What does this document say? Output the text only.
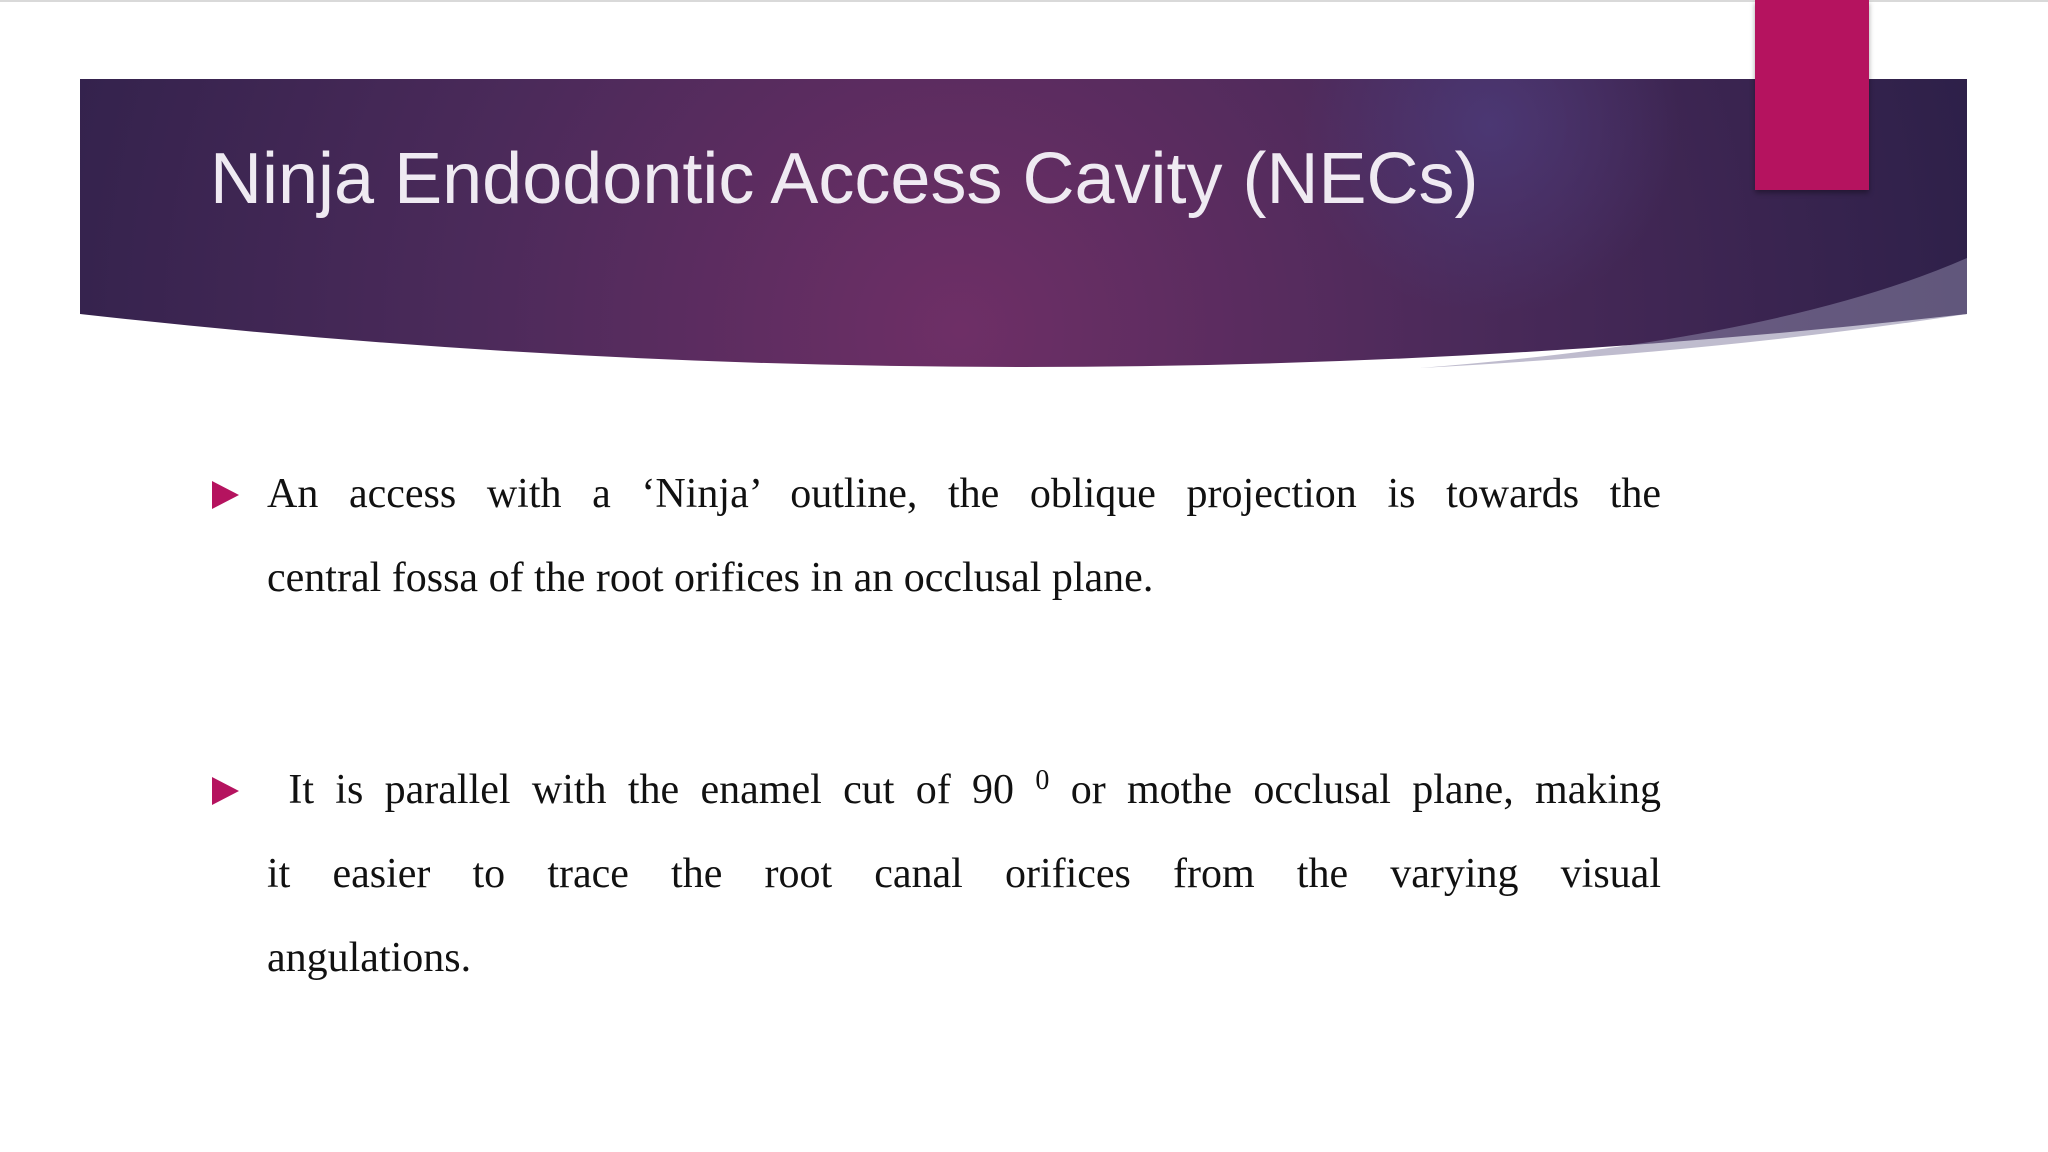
Ninja Endodontic Access Cavity (NECs)

An access with a ‘Ninja’ outline, the oblique projection is towards the

central fossa of the root orifices in an occlusal plane.

It is parallel with the enamel cut of 90 $^0$ or mothe occlusal plane, making

it easier to trace the root canal orifices from the varying visual

angulations.
